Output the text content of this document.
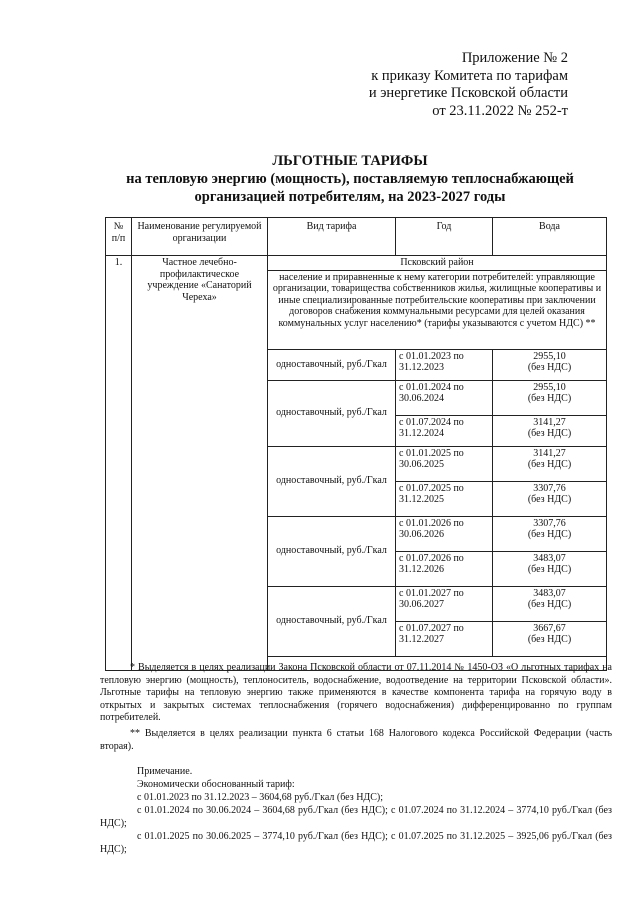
Приложение № 2
к приказу Комитета по тарифам
и энергетике Псковской области
от 23.11.2022 № 252-т
ЛЬГОТНЫЕ ТАРИФЫ
на тепловую энергию (мощность), поставляемую теплоснабжающей
организацией потребителям, на 2023-2027 годы
№ п/п	Наименование регулируемой организации	Вид тарифа	Год	Вода
1.	Частное лечебно-профилактическое учреждение «Санаторий Череха»	Псковский район		
		население и приравненные к нему категории потребителей: управляющие организации, товарищества собственников жилья, жилищные кооперативы и иные специализированные потребительские кооперативы при заключении договоров снабжения коммунальными ресурсами для целей оказания коммунальных услуг населению* (тарифы указываются с учетом НДС) **		
		одноставочный, руб./Гкал	с 01.01.2023 по 31.12.2023	2955,10
(без НДС)

		одноставочный, руб./Гкал	с 01.01.2024 по 30.06.2024	2955,10
(без НДС)

			с 01.07.2024 по 31.12.2024	3141,27
(без НДС)

		одноставочный, руб./Гкал	с 01.01.2025 по 30.06.2025	3141,27
(без НДС)

			с 01.07.2025 по 31.12.2025	3307,76
(без НДС)

		одноставочный, руб./Гкал	с 01.01.2026 по 30.06.2026	3307,76
(без НДС)

			с 01.07.2026 по 31.12.2026	3483,07
(без НДС)

		одноставочный, руб./Гкал	с 01.01.2027 по 30.06.2027	3483,07
(без НДС)

			с 01.07.2027 по 31.12.2027	3667,67
(без НДС)

* Выделяется в целях реализации Закона Псковской области от 07.11.2014 № 1450-ОЗ «О льготных тарифах на тепловую энергию (мощность), теплоноситель, водоснабжение, водоотведение на территории Псковской области». Льготные тарифы на тепловую энергию также применяются в качестве компонента тарифа на горячую воду в открытых и закрытых системах теплоснабжения (горячего водоснабжения) дифференцированно по группам потребителей.
** Выделяется в целях реализации пункта 6 статьи 168 Налогового кодекса Российской Федерации (часть вторая).
Примечание.
Экономически обоснованный тариф:
с 01.01.2023 по 31.12.2023 – 3604,68 руб./Гкал (без НДС);
с 01.01.2024 по 30.06.2024 – 3604,68 руб./Гкал (без НДС); с 01.07.2024 по 31.12.2024 – 3774,10 руб./Гкал (без НДС);
с 01.01.2025 по 30.06.2025 – 3774,10 руб./Гкал (без НДС); с 01.07.2025 по 31.12.2025 – 3925,06 руб./Гкал (без НДС);
